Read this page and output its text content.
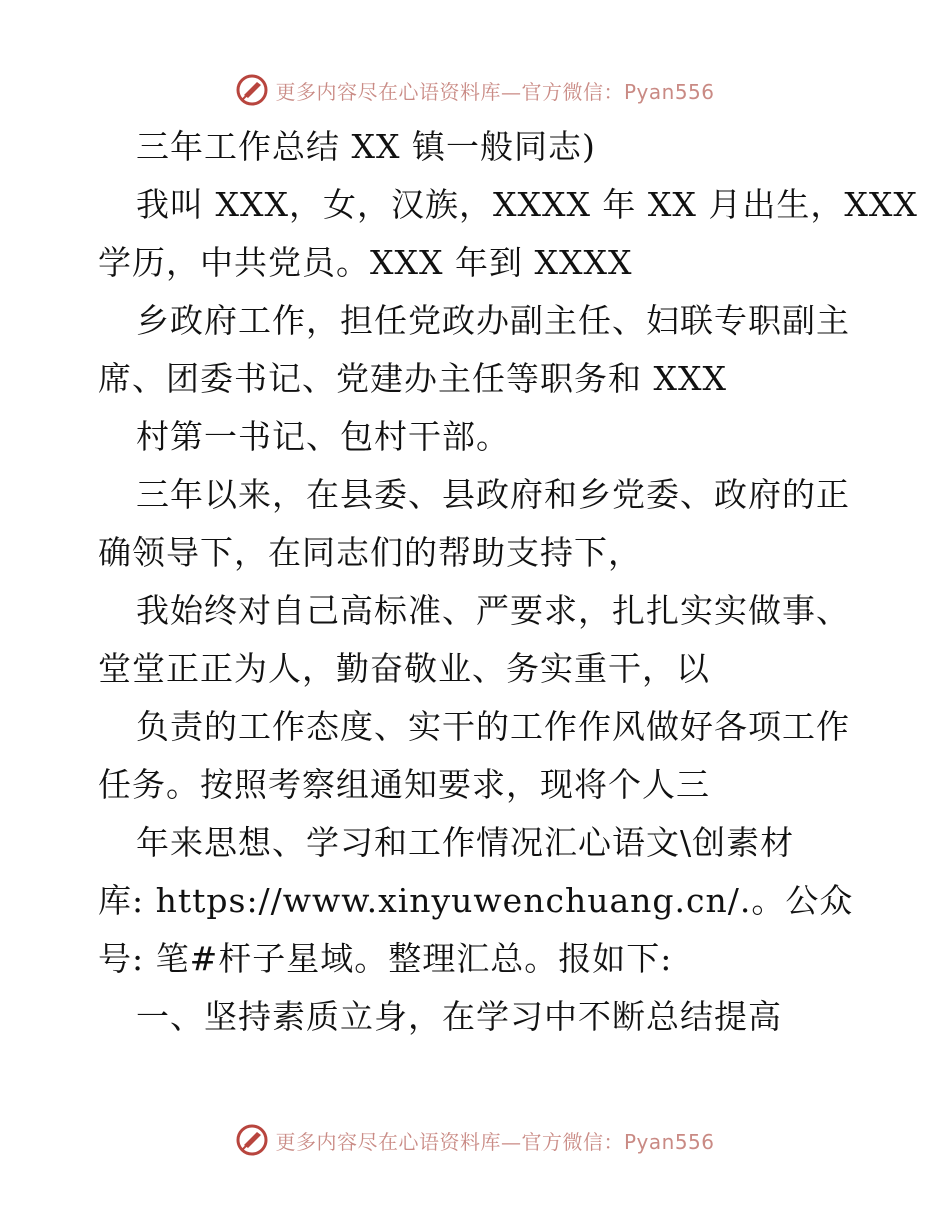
更多内容尽在心语资料库—官方微信：Pyan556
三年工作总结 XX 镇一般同志)
我叫 XXX，女，汉族，XXXX 年 XX 月出生，XXX
学历，中共党员。XXX 年到 XXXX
乡政府工作，担任党政办副主任、妇联专职副主
席、团委书记、党建办主任等职务和 XXX
村第一书记、包村干部。
三年以来，在县委、县政府和乡党委、政府的正
确领导下，在同志们的帮助支持下，
我始终对自己高标准、严要求，扎扎实实做事、
堂堂正正为人，勤奋敬业、务实重干，以
负责的工作态度、实干的工作作风做好各项工作
任务。按照考察组通知要求，现将个人三
年来思想、学习和工作情况汇心语文\创素材
库: https://www.xinyuwenchuang.cn/.。公众
号: 笔#杆子星域。整理汇总。报如下:
一、坚持素质立身，在学习中不断总结提高
更多内容尽在心语资料库—官方微信：Pyan556
